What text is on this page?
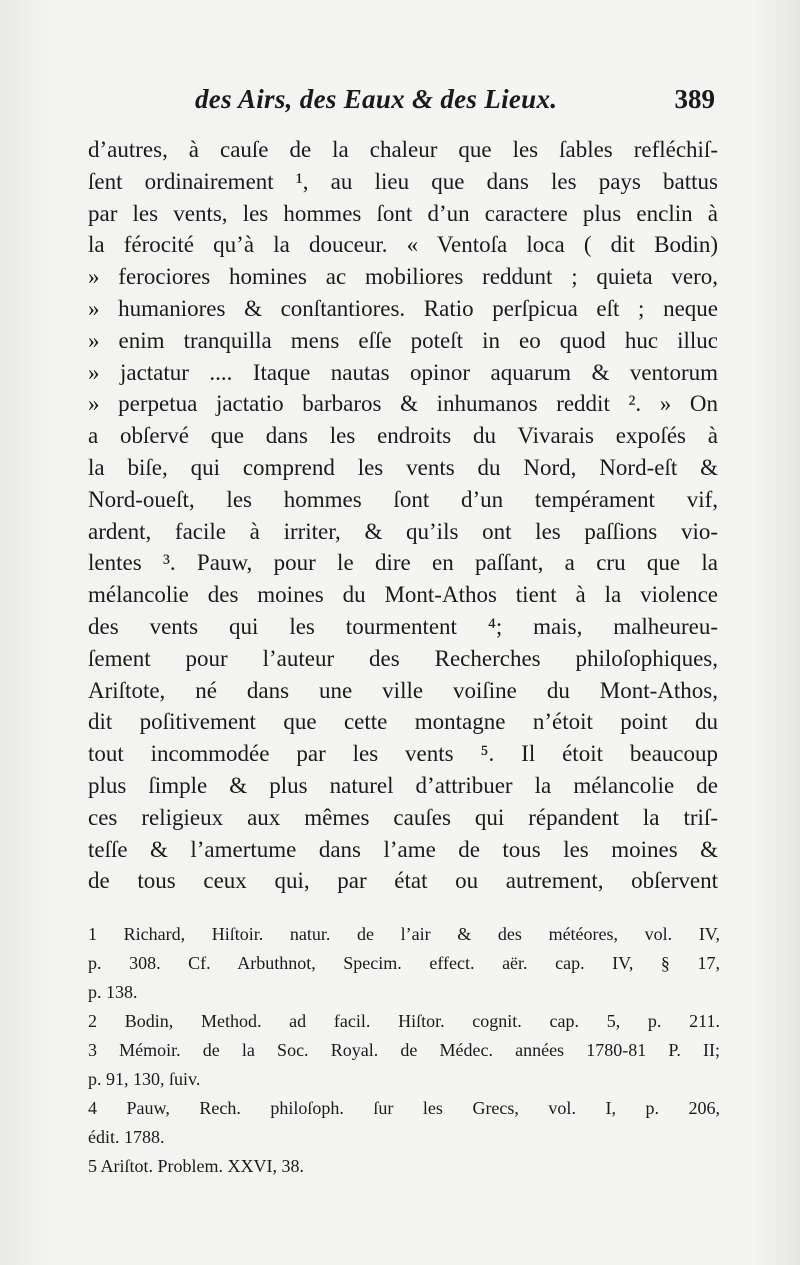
des Airs, des Eaux & des Lieux.	389
d’autres, à cauſe de la chaleur que les ſables refléchiſ-
ſent ordinairement ¹, au lieu que dans les pays battus
par les vents, les hommes ſont d’un caractere plus enclin à
la férocité qu’à la douceur. « Ventoſa loca ( dit Bodin)
» ferociores homines ac mobiliores reddunt ; quieta vero,
» humaniores & conſtantiores. Ratio perſpicua eſt ; neque
» enim tranquilla mens eſſe poteſt in eo quod huc illuc
» jactatur .... Itaque nautas opinor aquarum & ventorum
» perpetua jactatio barbaros & inhumanos reddit ². » On
a obſervé que dans les endroits du Vivarais expoſés à
la biſe, qui comprend les vents du Nord, Nord-eſt &
Nord-oueſt, les hommes ſont d’un tempérament vif,
ardent, facile à irriter, & qu’ils ont les paſſions vio-
lentes ³. Pauw, pour le dire en paſſant, a cru que la
mélancolie des moines du Mont-Athos tient à la violence
des vents qui les tourmentent ⁴; mais, malheureu-
ſement pour l’auteur des Recherches philoſophiques,
Ariſtote, né dans une ville voiſine du Mont-Athos,
dit poſitivement que cette montagne n’étoit point du
tout incommodée par les vents ⁵. Il étoit beaucoup
plus ſimple & plus naturel d’attribuer la mélancolie de
ces religieux aux mêmes cauſes qui répandent la triſ-
teſſe & l’amertume dans l’ame de tous les moines &
de tous ceux qui, par état ou autrement, obſervent
1 Richard, Hiſtoir. natur. de l’air & des météores, vol. IV,
p. 308. Cf. Arbuthnot, Specim. effect. aër. cap. IV, § 17,
p. 138.
2 Bodin, Method. ad facil. Hiſtor. cognit. cap. 5, p. 211.
3 Mémoir. de la Soc. Royal. de Médec. années 1780-81 P. II;
p. 91, 130, ſuiv.
4 Pauw, Rech. philoſoph. ſur les Grecs, vol. I, p. 206,
édit. 1788.
5 Ariſtot. Problem. XXVI, 38.
